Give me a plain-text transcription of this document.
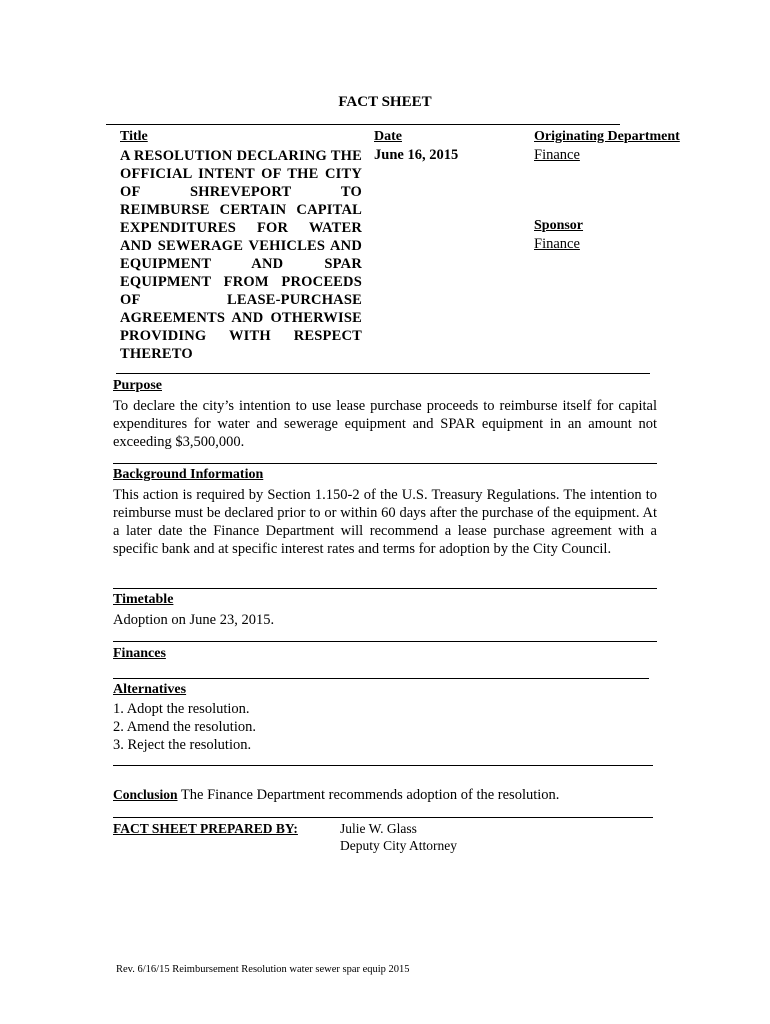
FACT SHEET
Title
A RESOLUTION DECLARING THE OFFICIAL INTENT OF THE CITY OF SHREVEPORT TO REIMBURSE CERTAIN CAPITAL EXPENDITURES FOR WATER AND SEWERAGE VEHICLES AND EQUIPMENT AND SPAR EQUIPMENT FROM PROCEEDS OF LEASE-PURCHASE AGREEMENTS AND OTHERWISE PROVIDING WITH RESPECT THERETO
Date
June 16, 2015
Originating Department
Finance
Sponsor
Finance
Purpose
To declare the city’s intention to use lease purchase proceeds to reimburse itself for capital expenditures for water and sewerage equipment and SPAR equipment in an amount not exceeding $3,500,000.
Background Information
This action is required by Section 1.150-2 of the U.S. Treasury Regulations. The intention to reimburse must be declared prior to or within 60 days after the purchase of the equipment. At a later date the Finance Department will recommend a lease purchase agreement with a specific bank and at specific interest rates and terms for adoption by the City Council.
Timetable
Adoption on June 23, 2015.
Finances
Alternatives
1. Adopt the resolution.
2. Amend the resolution.
3. Reject the resolution.
Conclusion The Finance Department recommends adoption of the resolution.
FACT SHEET PREPARED BY:	Julie W. Glass
Deputy City Attorney
Rev. 6/16/15 Reimbursement Resolution water sewer spar equip 2015
